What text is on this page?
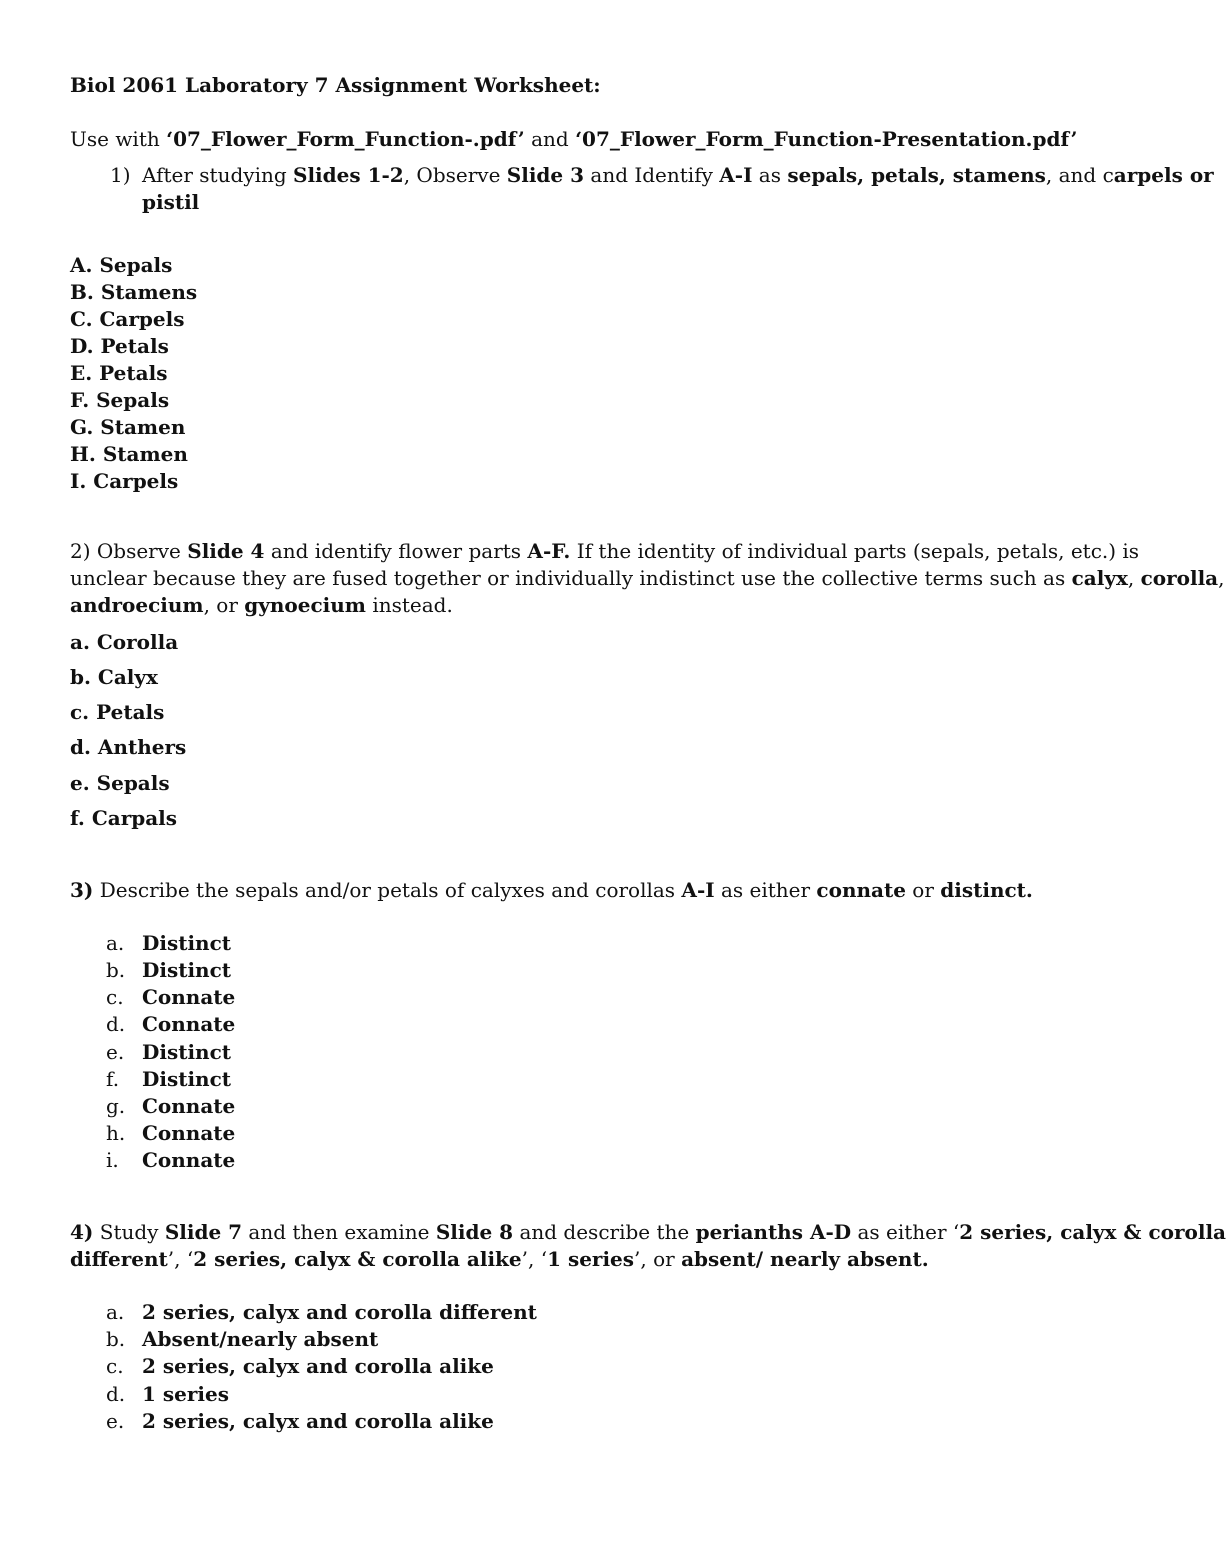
Biol 2061 Laboratory 7 Assignment Worksheet:

Use with ‘07_Flower_Form_Function-.pdf’ and ‘07_Flower_Form_Function-Presentation.pdf’

1) After studying Slides 1-2, Observe Slide 3 and Identify A-I as sepals, petals, stamens, and carpels or

pistil

A. Sepals

B. Stamens

C. Carpels

D. Petals

E. Petals

F. Sepals

G. Stamen

H. Stamen

I. Carpels

2) Observe Slide 4 and identify flower parts A-F. If the identity of individual parts (sepals, petals, etc.) is

unclear because they are fused together or individually indistinct use the collective terms such as calyx, corolla,

androecium, or gynoecium instead.

a. Corolla

b. Calyx

c. Petals

d. Anthers

e. Sepals

f. Carpals

3) Describe the sepals and/or petals of calyxes and corollas A-I as either connate or distinct.

a. Distinct

b. Distinct

c. Connate

d. Connate

e. Distinct

f. Distinct

g. Connate

h. Connate

i. Connate

4) Study Slide 7 and then examine Slide 8 and describe the perianths A-D as either ‘2 series, calyx & corolla

different’, ‘2 series, calyx & corolla alike’, ‘1 series’, or absent/ nearly absent.

a. 2 series, calyx and corolla different

b. Absent/nearly absent

c. 2 series, calyx and corolla alike

d. 1 series

e. 2 series, calyx and corolla alike
